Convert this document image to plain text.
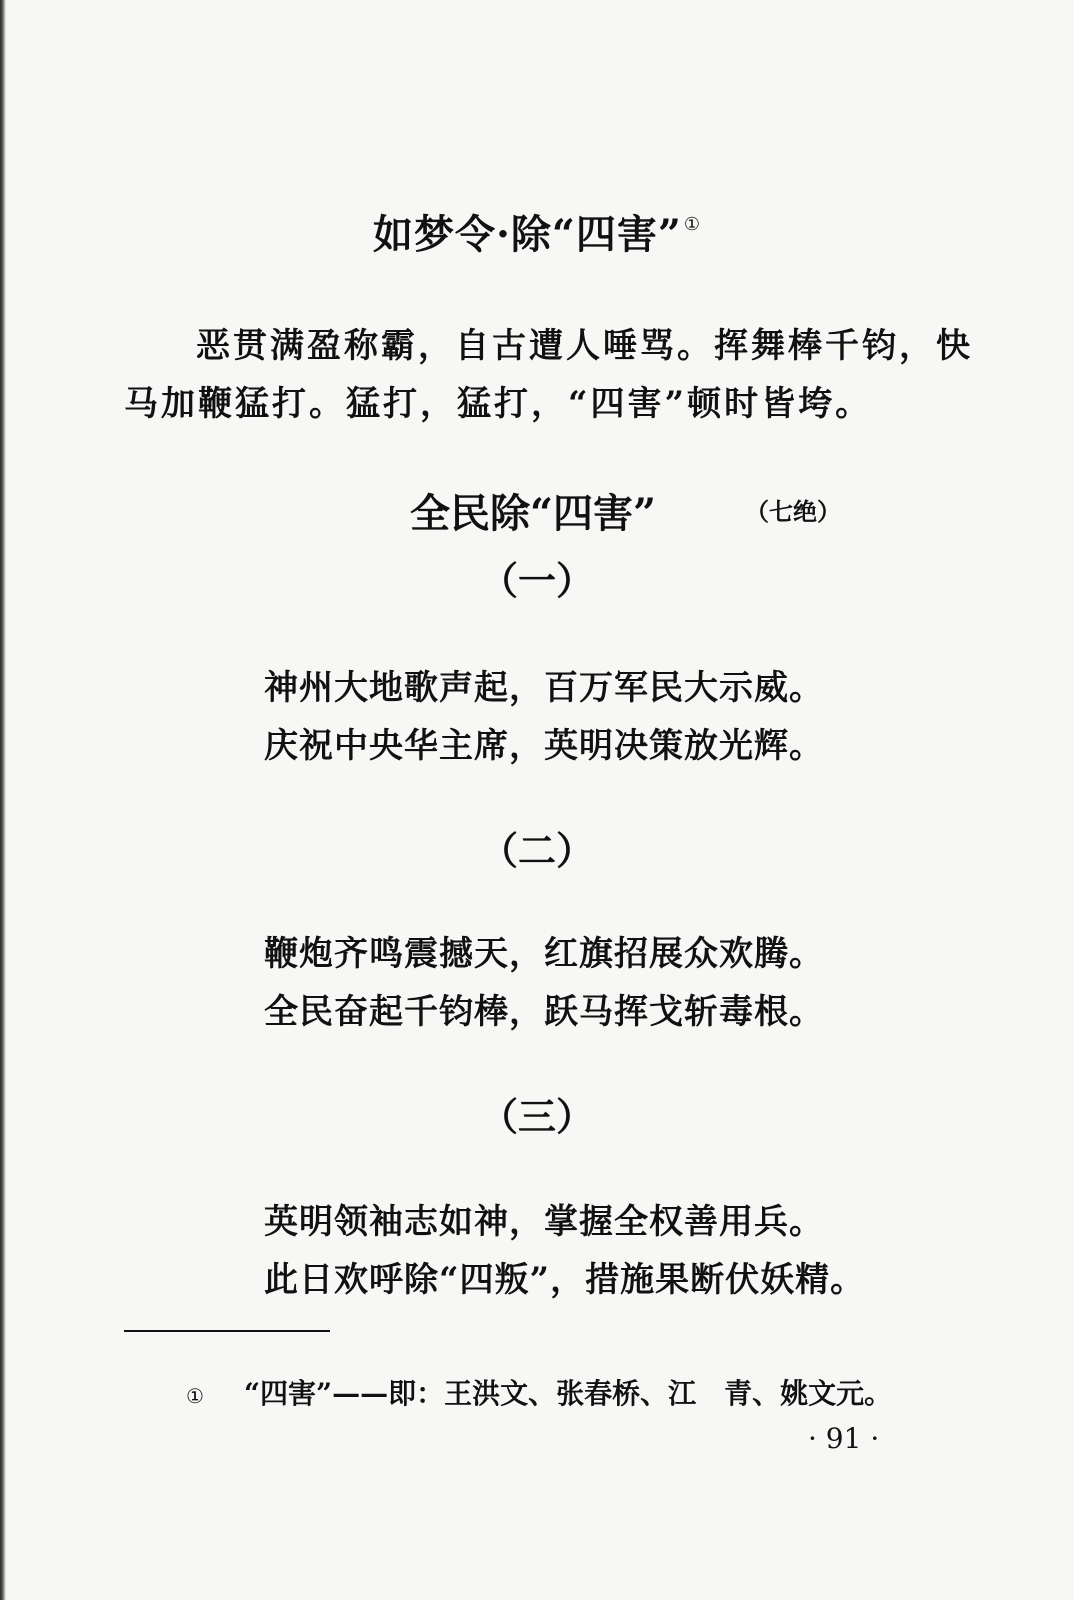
如梦令·除“四害” ①
恶贯满盈称霸，自古遭人唾骂。挥舞棒千钧，快
马加鞭猛打。猛打，猛打，“四害”顿时皆垮。
全民除“四害”	（七绝）
（一）
神州大地歌声起，百万军民大示威。
庆祝中央华主席，英明决策放光辉。
（二）
鞭炮齐鸣震撼天，红旗招展众欢腾。
全民奋起千钧棒，跃马挥戈斩毒根。
（三）
英明领袖志如神，掌握全权善用兵。
此日欢呼除“四叛”，措施果断伏妖精。
① “四害”——即：王洪文、张春桥、江　青、姚文元。
· 91 ·
